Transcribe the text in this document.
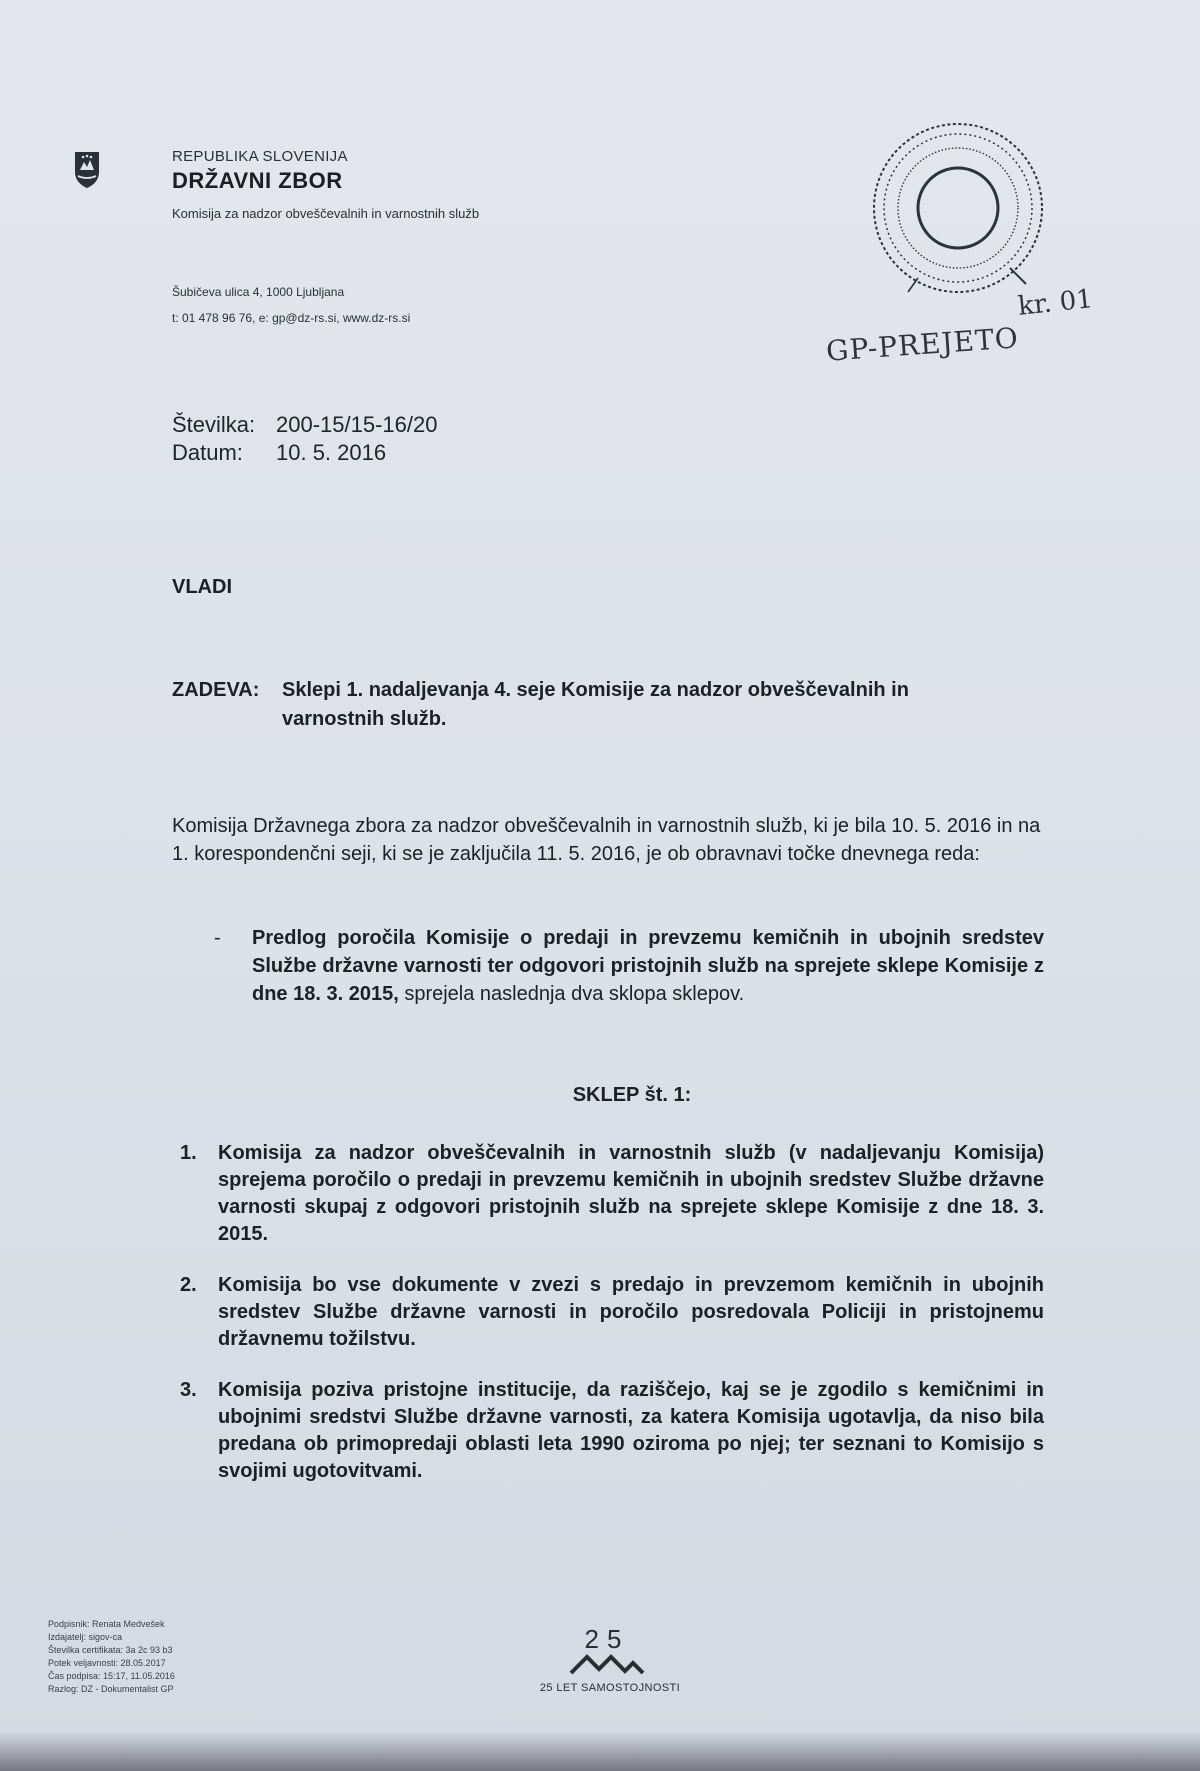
REPUBLIKA SLOVENIJA
DRŽAVNI ZBOR
Komisija za nadzor obveščevalnih in varnostnih služb
Šubičeva ulica 4, 1000 Ljubljana
t: 01 478 96 76, e: gp@dz-rs.si, www.dz-rs.si	kr. 01
GP-PREJETO
Številka: 200-15/15-16/20
Datum: 10. 5. 2016
VLADI
ZADEVA: Sklepi 1. nadaljevanja 4. seje Komisije za nadzor obveščevalnih in
varnostnih služb.
Komisija Državnega zbora za nadzor obveščevalnih in varnostnih služb, ki je bila 10. 5. 2016 in na 1. korespondenčni seji, ki se je zaključila 11. 5. 2016, je ob obravnavi točke dnevnega reda:
-	Predlog poročila Komisije o predaji in prevzemu kemičnih in ubojnih sredstev Službe državne varnosti ter odgovori pristojnih služb na sprejete sklepe Komisije z dne 18. 3. 2015, sprejela naslednja dva sklopa sklepov.
SKLEP št. 1:
1.	Komisija za nadzor obveščevalnih in varnostnih služb (v nadaljevanju Komisija) sprejema poročilo o predaji in prevzemu kemičnih in ubojnih sredstev Službe državne varnosti skupaj z odgovori pristojnih služb na sprejete sklepe Komisije z dne 18. 3. 2015.
2.	Komisija bo vse dokumente v zvezi s predajo in prevzemom kemičnih in ubojnih sredstev Službe državne varnosti in poročilo posredovala Policiji in pristojnemu državnemu tožilstvu.
3.	Komisija poziva pristojne institucije, da raziščejo, kaj se je zgodilo s kemičnimi in ubojnimi sredstvi Službe državne varnosti, za katera Komisija ugotavlja, da niso bila predana ob primopredaji oblasti leta 1990 oziroma po njej; ter seznani to Komisijo s svojimi ugotovitvami.
Podpisnik: Renata Medvešek
Izdajatelj: sigov-ca
Številka certifikata: 3a 2c 93 b3
Potek veljavnosti: 28.05.2017
Čas podpisa: 15:17, 11.05.2016
Razlog: DZ - Dokumentalist GP
25
25 LET SAMOSTOJNOSTI
